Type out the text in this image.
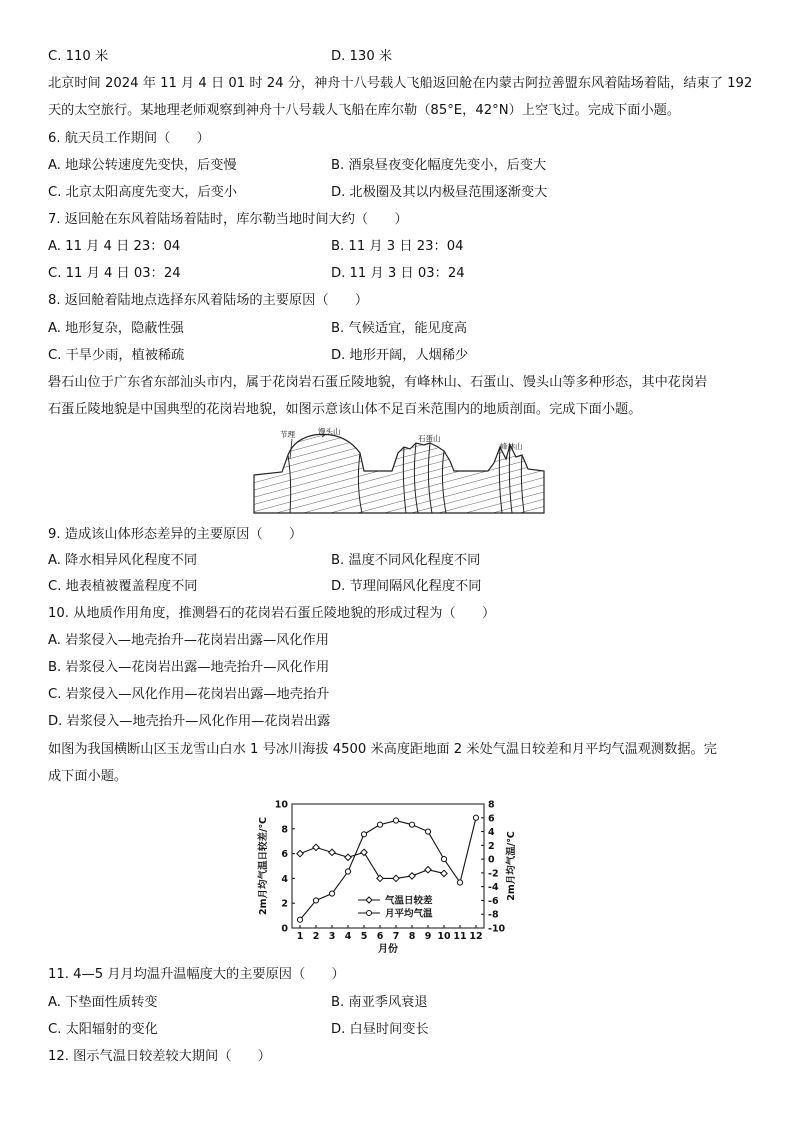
C. 110 米	D. 130 米
北京时间 2024 年 11 月 4 日 01 时 24 分，神舟十八号载人飞船返回舱在内蒙古阿拉善盟东风着陆场着陆，结束了 192
天的太空旅行。某地理老师观察到神舟十八号载人飞船在库尔勒（85°E，42°N）上空飞过。完成下面小题。
6. 航天员工作期间（　　）
A. 地球公转速度先变快，后变慢	B. 酒泉昼夜变化幅度先变小，后变大
C. 北京太阳高度先变大，后变小	D. 北极圈及其以内极昼范围逐渐变大
7. 返回舱在东风着陆场着陆时，库尔勒当地时间大约（　　）
A. 11 月 4 日 23：04	B. 11 月 3 日 23：04
C. 11 月 4 日 03：24	D. 11 月 3 日 03：24
8. 返回舱着陆地点选择东风着陆场的主要原因（　　）
A. 地形复杂，隐蔽性强	B. 气候适宜，能见度高
C. 干旱少雨，植被稀疏	D. 地形开阔，人烟稀少
礐石山位于广东省东部汕头市内，属于花岗岩石蛋丘陵地貌，有峰林山、石蛋山、馒头山等多种形态，其中花岗岩
石蛋丘陵地貌是中国典型的花岗岩地貌，如图示意该山体不足百米范围内的地质剖面。完成下面小题。
节理	馒头山
石蛋山
峰林山
9. 造成该山体形态差异的主要原因（　　）
A. 降水相异风化程度不同	B. 温度不同风化程度不同
C. 地表植被覆盖程度不同	D. 节理间隔风化程度不同
10. 从地质作用角度，推测礐石的花岗岩石蛋丘陵地貌的形成过程为（　　）
A. 岩浆侵入—地壳抬升—花岗岩出露—风化作用
B. 岩浆侵入—花岗岩出露—地壳抬升—风化作用
C. 岩浆侵入—风化作用—花岗岩出露—地壳抬升
D. 岩浆侵入—地壳抬升—风化作用—花岗岩出露
如图为我国横断山区玉龙雪山白水 1 号冰川海拔 4500 米高度距地面 2 米处气温日较差和月平均气温观测数据。完
成下面小题。
0
2
4
6
8
10
-10
-8
-6
-4
-2
0
2
4
6
8
1 2 3 4 5 6 7 8 9 10 11 12
月份
2m月均气温日较差/℃	2m月均气温/℃
气温日较差
月平均气温
11. 4—5 月月均温升温幅度大的主要原因（　　）
A. 下垫面性质转变	B. 南亚季风衰退
C. 太阳辐射的变化	D. 白昼时间变长
12. 图示气温日较差较大期间（　　）
